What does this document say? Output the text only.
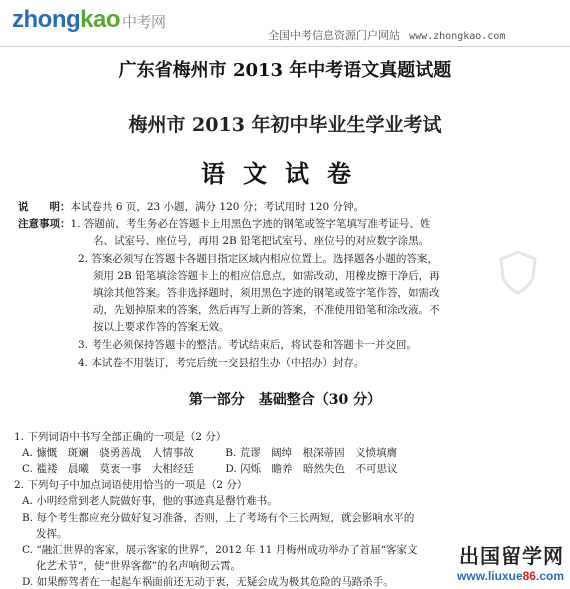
zhongkao 中考网
全国中考信息资源门户网站 www.zhongkao.com
广东省梅州市 2013 年中考语文真题试题
梅州市 2013 年初中毕业生学业考试
语文试卷
说　　明：本试卷共 6 页，23 小题，满分 120 分；考试用时 120 分钟。
注意事项：1. 答题前，考生务必在答题卡上用黑色字迹的钢笔或签字笔填写准考证号、姓
名、试室号、座位号，再用 2B 铅笔把试室号、座位号的对应数字涂黑。
2. 答案必须写在答题卡各题目指定区域内相应位置上。选择题各小题的答案，
须用 2B 铅笔填涂答题卡上的相应信息点，如需改动，用橡皮擦干净后，再
填涂其他答案。答非选择题时，须用黑色字迹的钢笔或签字笔作答，如需改
动，先划掉原来的答案，然后再写上新的答案，不准使用铅笔和涂改液。不
按以上要求作答的答案无效。
3. 考生必须保持答题卡的整洁。考试结束后，将试卷和答题卡一并交回。
4. 本试卷不用装订，考完后统一交县招生办（中招办）封存。
第一部分　基础整合（30 分）
1. 下列词语中书写全部正确的一项是（2 分）
A. 慷慨　斑斓　骁勇善战　人情事故　　　B. 荒谬　阔绰　根深蒂固　义愤填膺
C. 褴褛　晨曦　莫衷一事　大相经廷　　　D. 闪烁　瞻养　暗然失色　不可思议
2. 下列句子中加点词语使用恰当的一项是（2 分）
A. 小明经常到老人院做好事，他的事迹真是罄竹难书。
B. 每个考生都应充分做好复习准备，否则，上了考场有个三长两短，就会影响水平的
发挥。
C. “融汇世界的客家，展示客家的世界”，2012 年 11 月梅州成功举办了首届“客家文
化艺术节”，使“世界客都”的名声响彻云霄。
D. 如果醉驾者在一起起车祸面前还无动于衷，无疑会成为极其危险的马路杀手。
出国留学网
www.liuxue86.com
